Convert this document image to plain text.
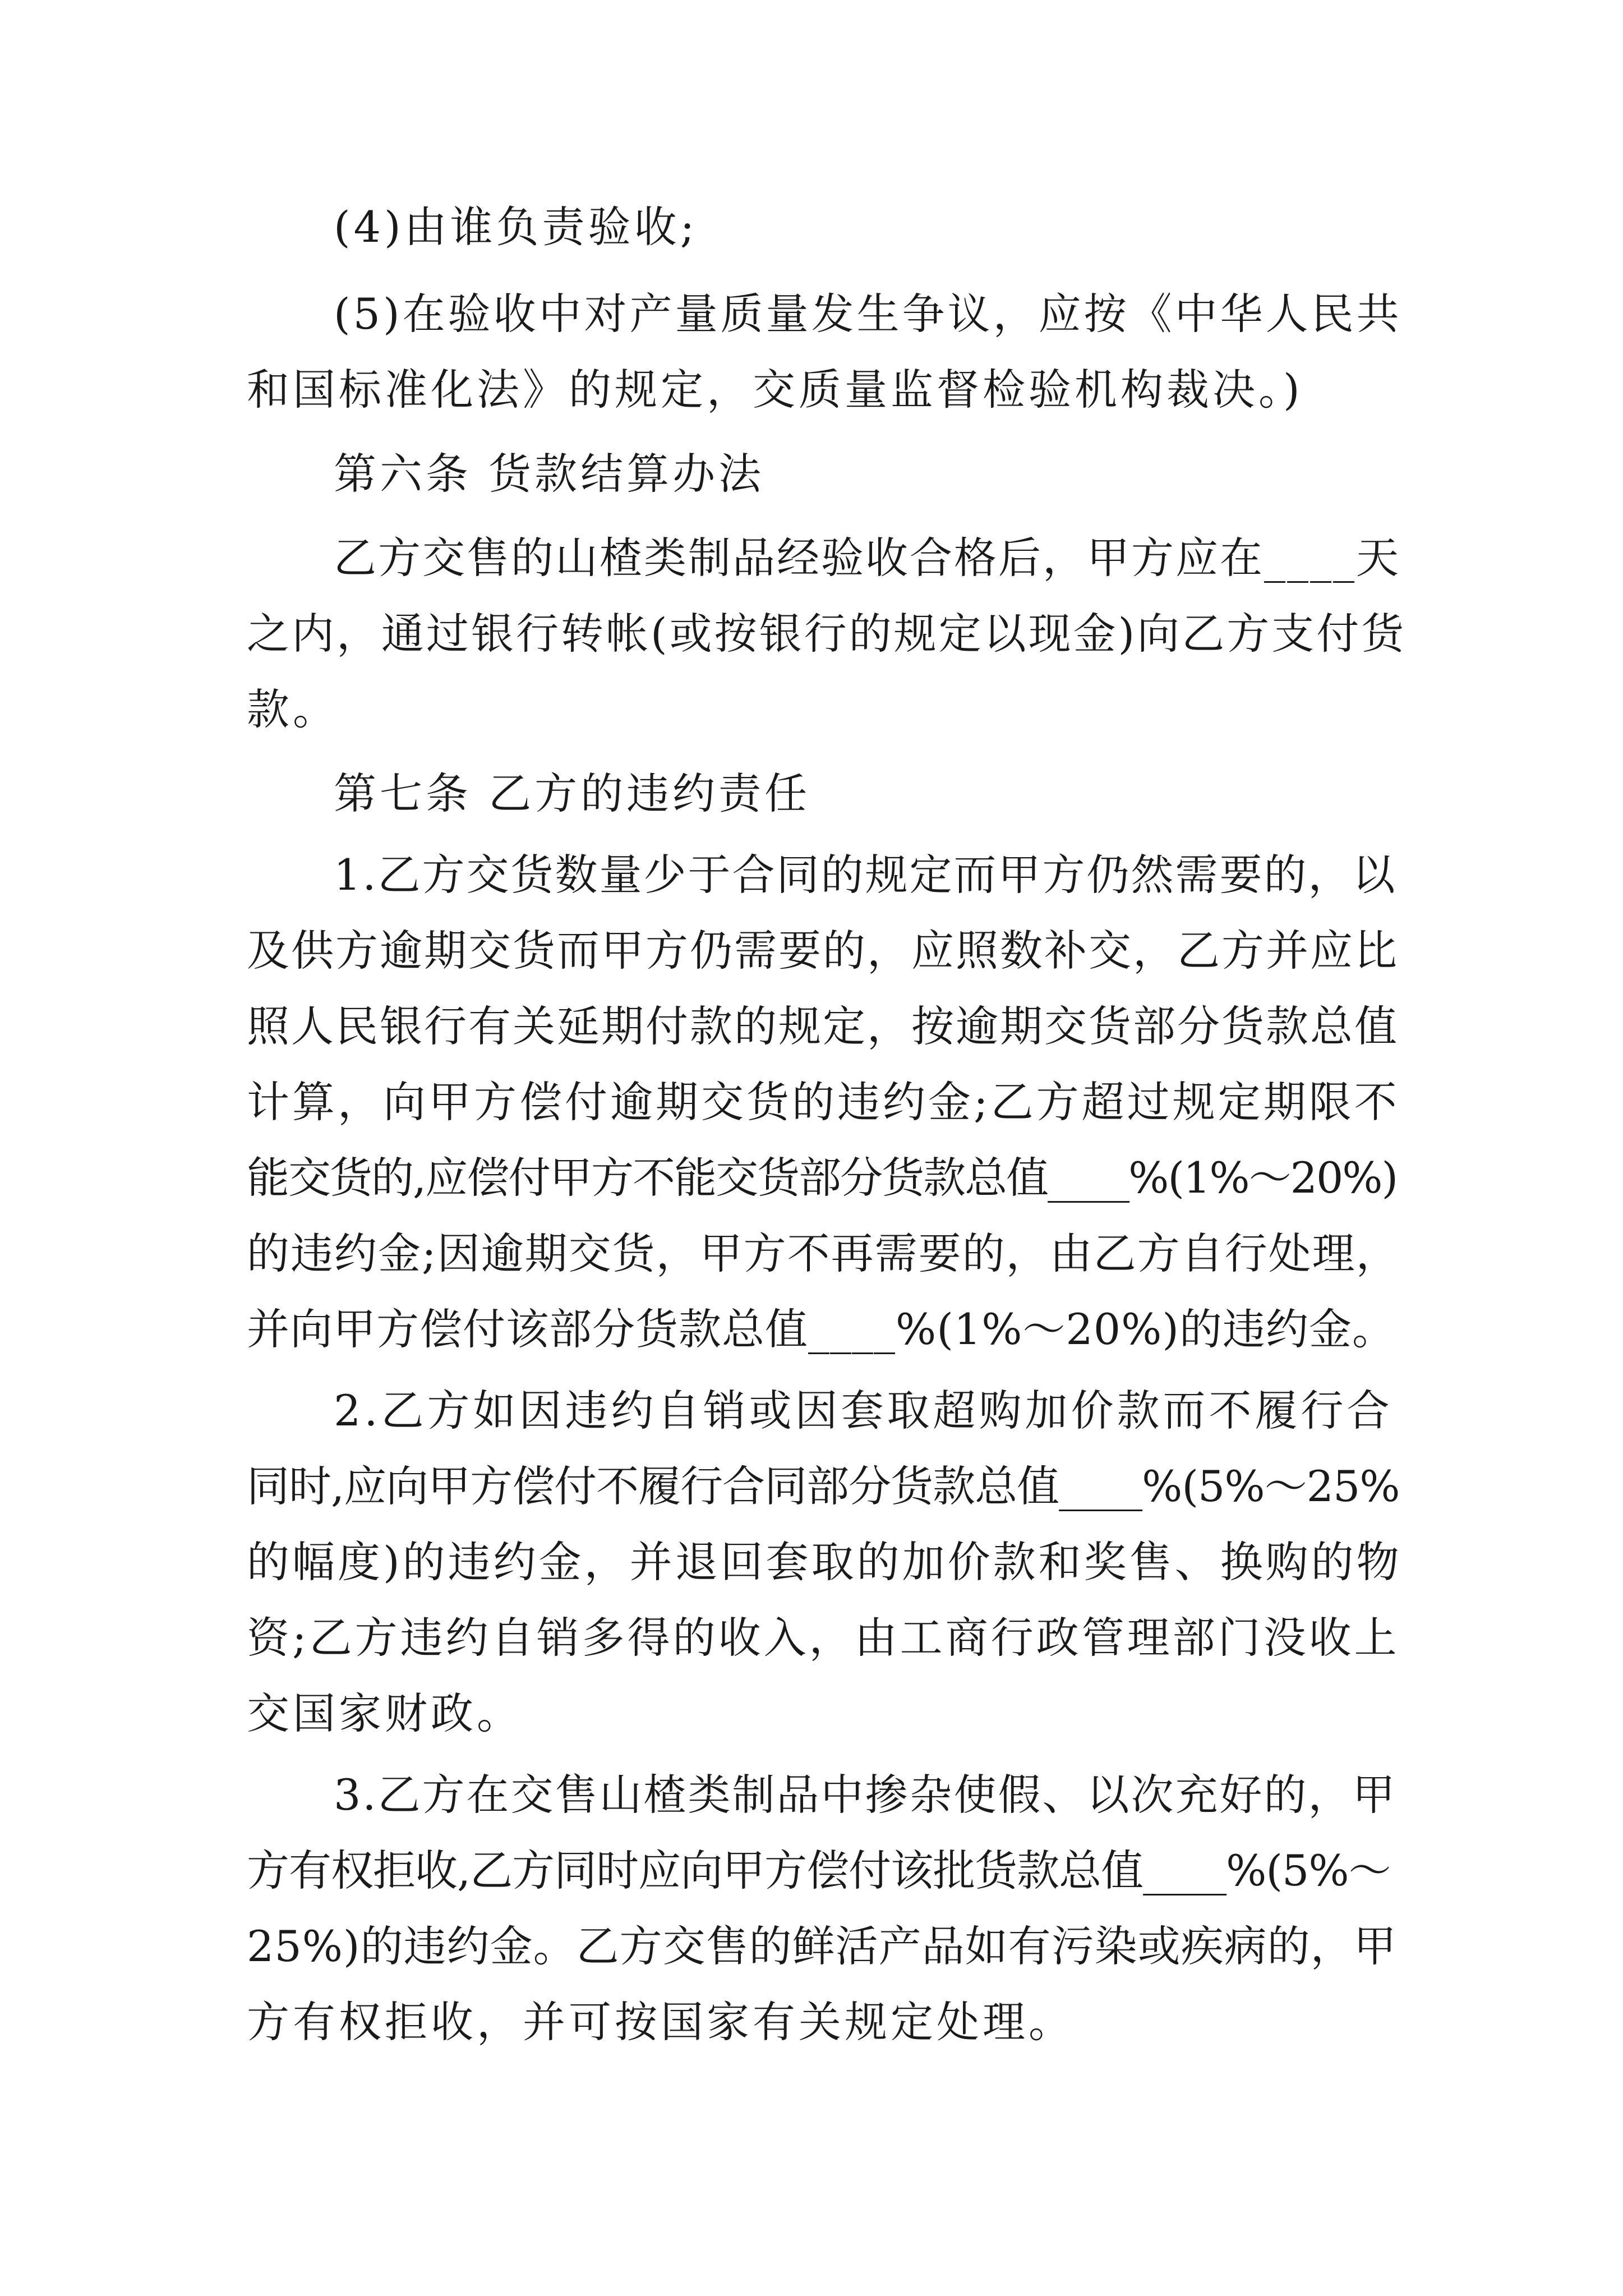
(4)由谁负责验收;
(5)在验收中对产量质量发生争议，应按《中华人民共
和国标准化法》的规定，交质量监督检验机构裁决。)
第六条 货款结算办法
乙方交售的山楂类制品经验收合格后，甲方应在____天
之内，通过银行转帐(或按银行的规定以现金)向乙方支付货
款。
第七条 乙方的违约责任
1.乙方交货数量少于合同的规定而甲方仍然需要的，以
及供方逾期交货而甲方仍需要的，应照数补交，乙方并应比
照人民银行有关延期付款的规定，按逾期交货部分货款总值
计算，向甲方偿付逾期交货的违约金;乙方超过规定期限不
能交货的,应偿付甲方不能交货部分货款总值____%(1%～20%)
的违约金;因逾期交货，甲方不再需要的，由乙方自行处理，
并向甲方偿付该部分货款总值____%(1%～20%)的违约金。
2.乙方如因违约自销或因套取超购加价款而不履行合
同时,应向甲方偿付不履行合同部分货款总值____%(5%～25%
的幅度)的违约金，并退回套取的加价款和奖售、换购的物
资;乙方违约自销多得的收入，由工商行政管理部门没收上
交国家财政。
3.乙方在交售山楂类制品中掺杂使假、以次充好的，甲
方有权拒收,乙方同时应向甲方偿付该批货款总值____%(5%～
25%)的违约金。乙方交售的鲜活产品如有污染或疾病的，甲
方有权拒收，并可按国家有关规定处理。
